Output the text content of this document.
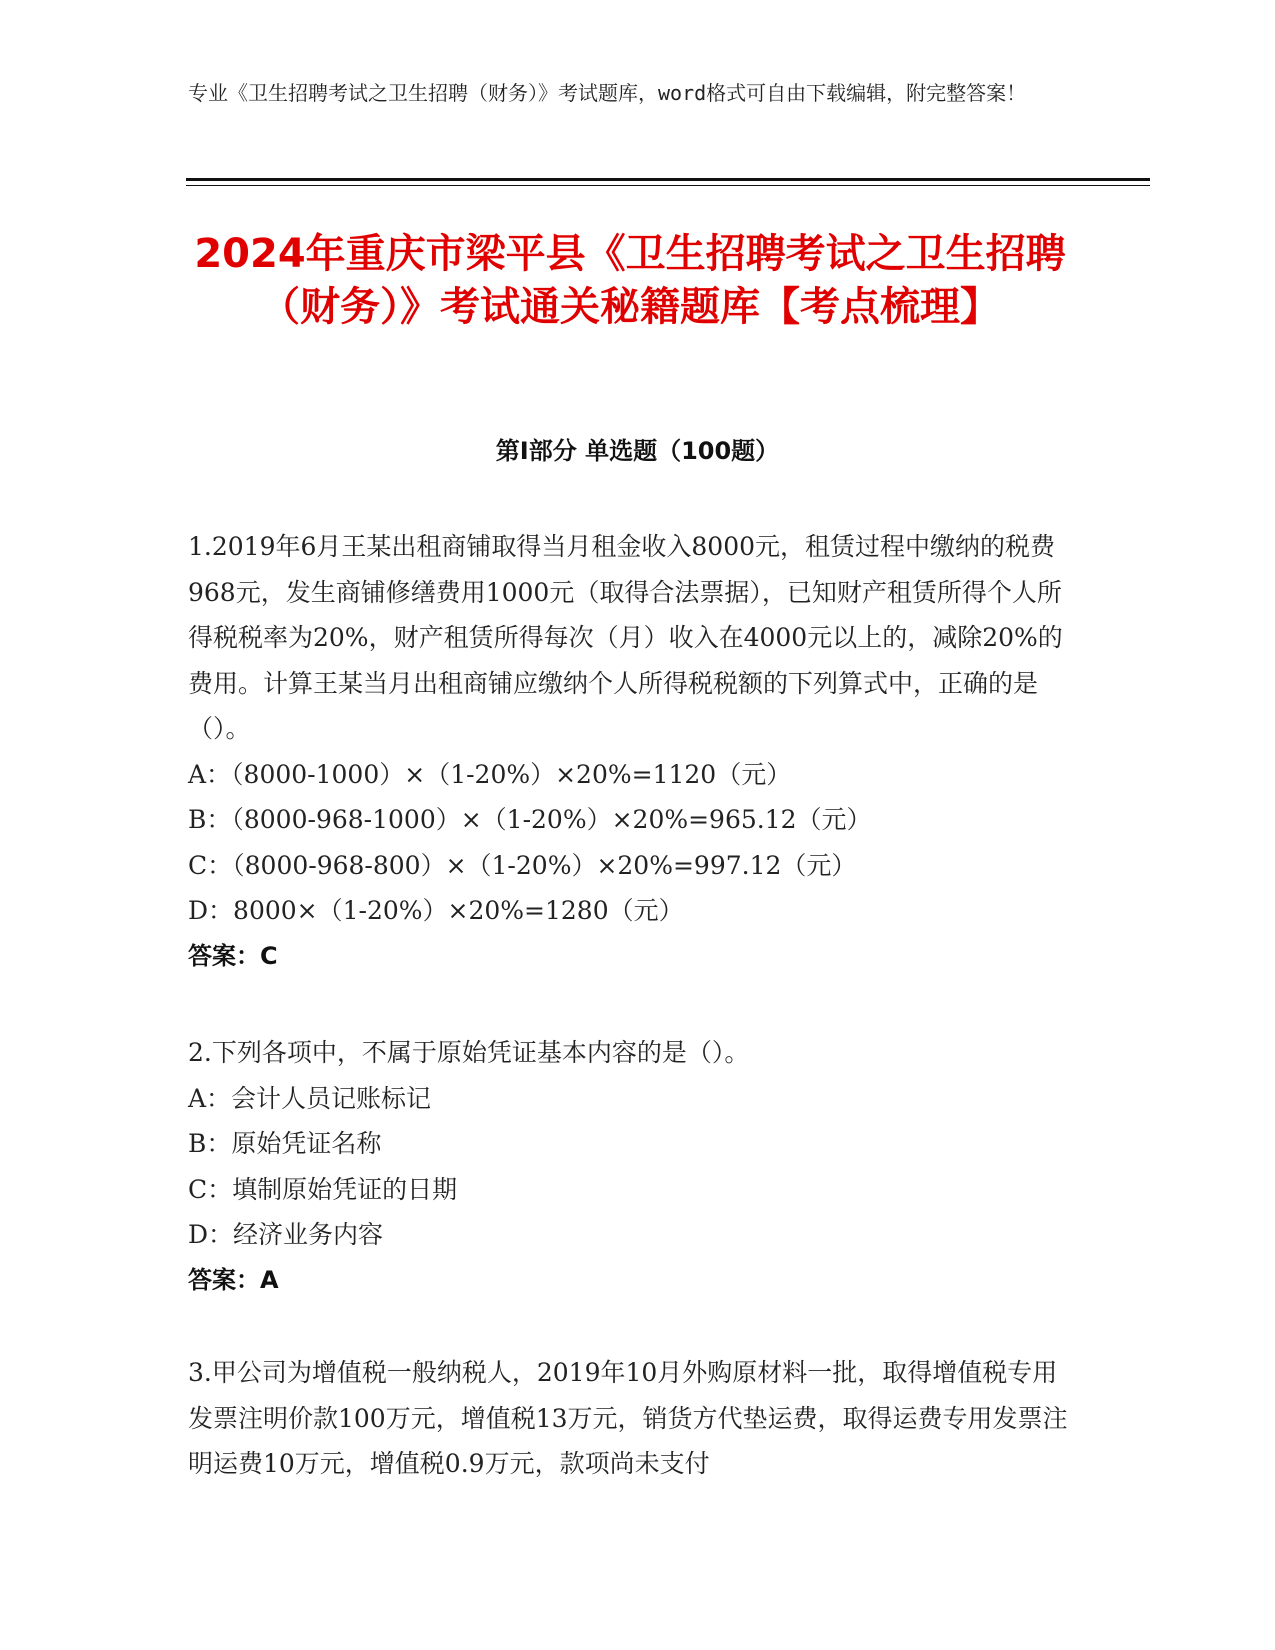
专业《卫生招聘考试之卫生招聘（财务）》考试题库，word格式可自由下载编辑，附完整答案！

2024年重庆市梁平县《卫生招聘考试之卫生招聘（财务）》考试通关秘籍题库【考点梳理】
第I部分 单选题（100题）

1.2019年6月王某出租商铺取得当月租金收入8000元，租赁过程中缴纳的税费968元，发生商铺修缮费用1000元（取得合法票据），已知财产租赁所得个人所得税税率为20%，财产租赁所得每次（月）收入在4000元以上的，减除20%的费用。计算王某当月出租商铺应缴纳个人所得税税额的下列算式中，正确的是（）。

A：（8000-1000）×（1-20%）×20%=1120（元）

B：（8000-968-1000）×（1-20%）×20%=965.12（元）

C：（8000-968-800）×（1-20%）×20%=997.12（元）

D：8000×（1-20%）×20%=1280（元）

答案：C

2.下列各项中，不属于原始凭证基本内容的是（）。

A：会计人员记账标记

B：原始凭证名称

C：填制原始凭证的日期

D：经济业务内容

答案：A

3.甲公司为增值税一般纳税人，2019年10月外购原材料一批，取得增值税专用发票注明价款100万元，增值税13万元，销货方代垫运费，取得运费专用发票注明运费10万元，增值税0.9万元，款项尚未支付
